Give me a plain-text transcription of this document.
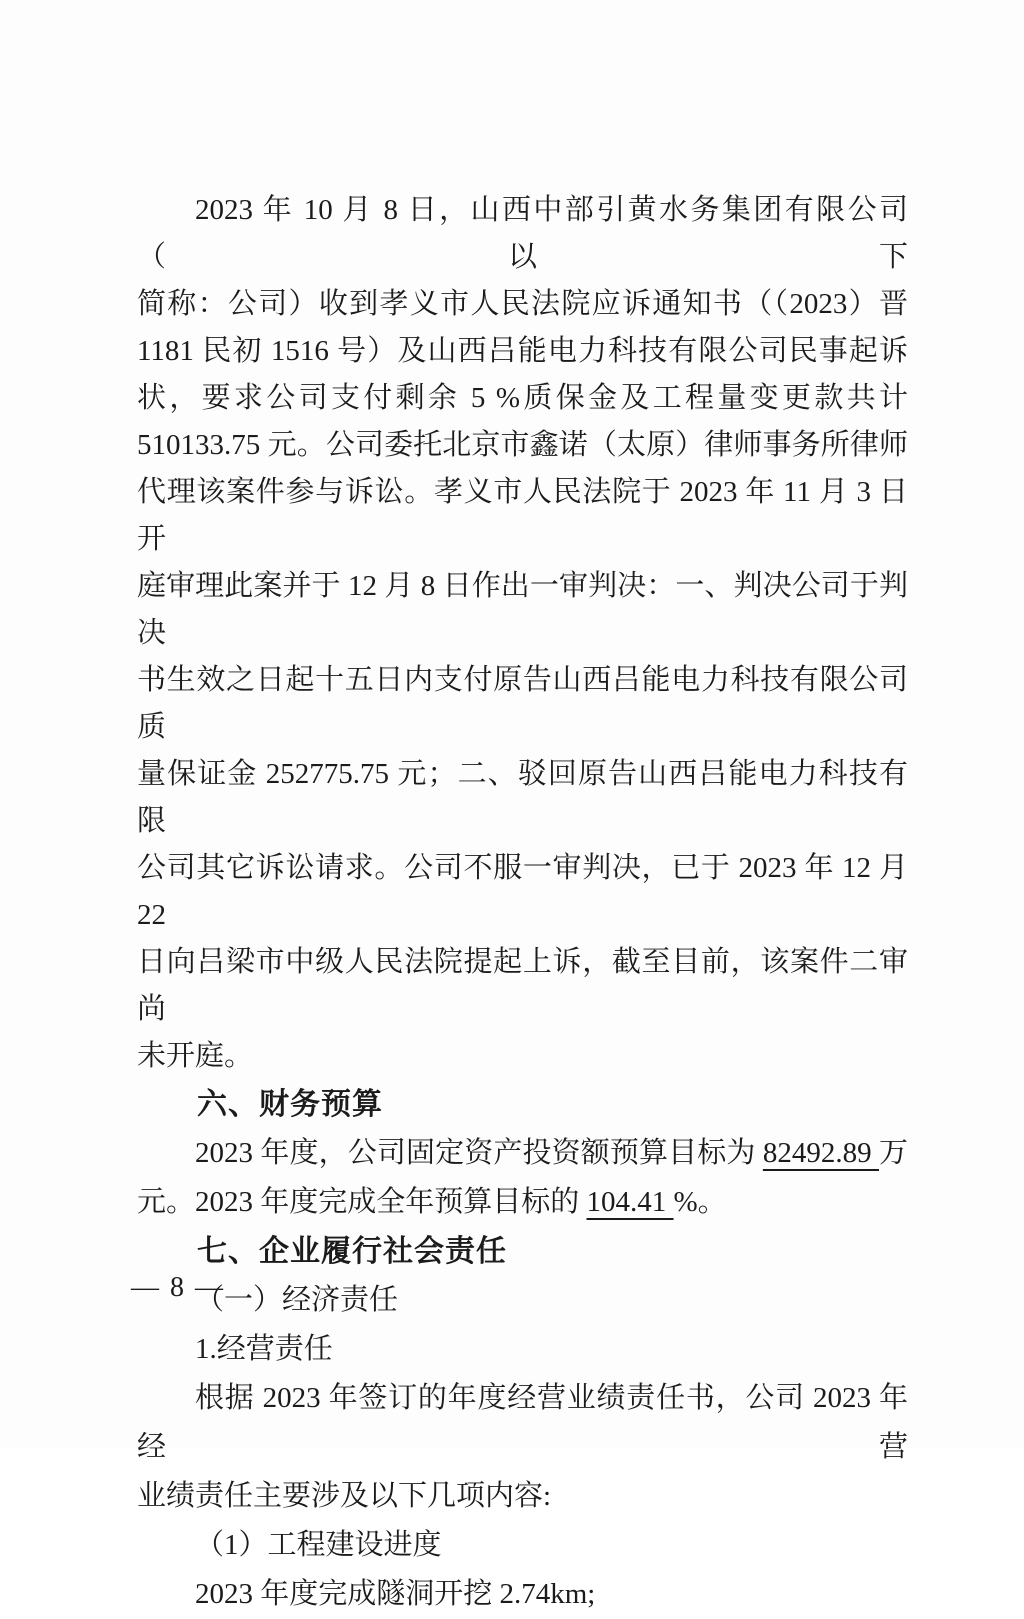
2023 年 10 月 8 日，山西中部引黄水务集团有限公司（以下
简称：公司）收到孝义市人民法院应诉通知书（（2023）晋
1181 民初 1516 号）及山西吕能电力科技有限公司民事起诉
状，要求公司支付剩余 5 %质保金及工程量变更款共计
510133.75 元。公司委托北京市鑫诺（太原）律师事务所律师
代理该案件参与诉讼。孝义市人民法院于 2023 年 11 月 3 日开
庭审理此案并于 12 月 8 日作出一审判决：一、判决公司于判决
书生效之日起十五日内支付原告山西吕能电力科技有限公司质
量保证金 252775.75 元；二、驳回原告山西吕能电力科技有限
公司其它诉讼请求。公司不服一审判决，已于 2023 年 12 月 22
日向吕梁市中级人民法院提起上诉，截至目前，该案件二审尚
未开庭。
六、财务预算
2023 年度，公司固定资产投资额预算目标为 82492.89 万
元。2023 年度完成全年预算目标的 104.41 %。
七、企业履行社会责任
（一）经济责任
1.经营责任
根据 2023 年签订的年度经营业绩责任书，公司 2023 年经营
业绩责任主要涉及以下几项内容:
（1）工程建设进度
2023 年度完成隧洞开挖 2.74km;
— 8 —
